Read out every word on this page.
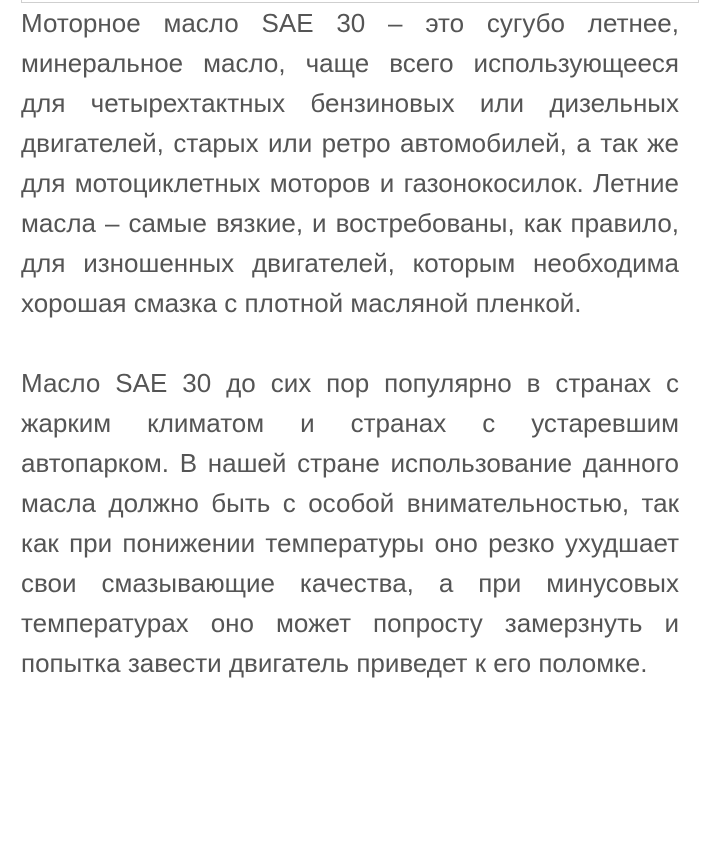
Моторное масло SAE 30 – это сугубо летнее, минеральное масло, чаще всего использующееся для четырехтактных бензиновых или дизельных двигателей, старых или ретро автомобилей, а так же для мотоциклетных моторов и газонокосилок. Летние масла – самые вязкие, и востребованы, как правило, для изношенных двигателей, которым необходима хорошая смазка с плотной масляной пленкой.

Масло SAE 30 до сих пор популярно в странах с жарким климатом и странах с устаревшим автопарком. В нашей стране использование данного масла должно быть с особой внимательностью, так как при понижении температуры оно резко ухудшает свои смазывающие качества, а при минусовых температурах оно может попросту замерзнуть и попытка завести двигатель приведет к его поломке.
